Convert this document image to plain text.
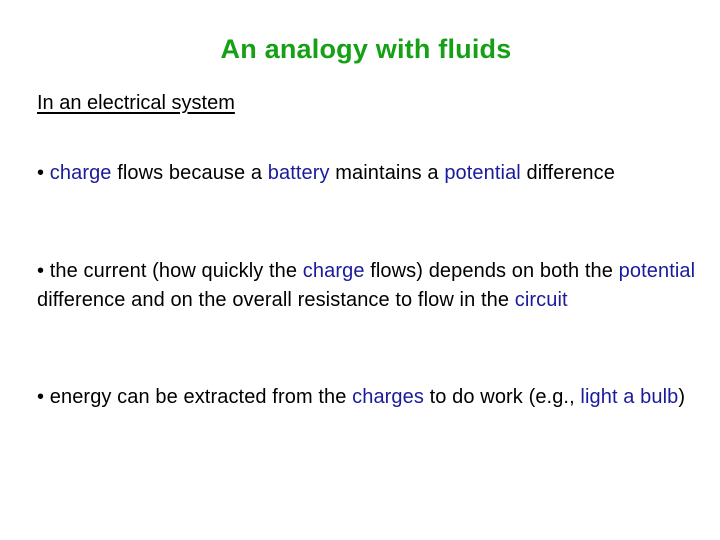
An analogy with fluids
In an electrical system
• charge flows because a battery maintains a potential difference
• the current (how quickly the charge flows) depends on both the potential difference and on the overall resistance to flow in the circuit
• energy can be extracted from the charges to do work (e.g., light a bulb)
